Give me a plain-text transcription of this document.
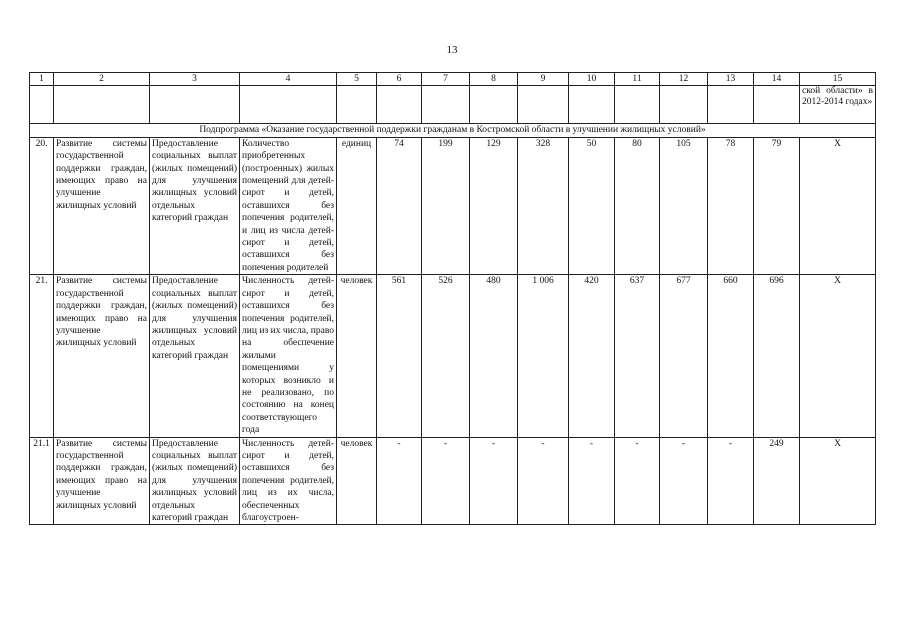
13
1	2	3	4	5	6	7	8	9	10	11	12	13	14	15
														ской области» в 2012-2014 годах»
Подпрограмма «Оказание государственной поддержки гражданам в Костромской области в улучшении жилищных условий»														
20.	Развитие системы государственной поддержки граждан, имеющих право на улучшение жилищных условий	Предоставление социальных выплат (жилых помещений) для улучшения жилищных условий отдельных категорий граждан	Количество приобретенных (построенных) жилых помещений для детей-сирот и детей, оставшихся без попечения родителей, и лиц из числа детей-сирот и детей, оставшихся без попечения родителей	единиц	74	199	129	328	50	80	105	78	79	X
21.	Развитие системы государственной поддержки граждан, имеющих право на улучшение жилищных условий	Предоставление социальных выплат (жилых помещений) для улучшения жилищных условий отдельных категорий граждан	Численность детей-сирот и детей, оставшихся без попечения родителей, лиц из их числа, право на обеспечение жилыми помещениями у которых возникло и не реализовано, по состоянию на конец соответствующего года	человек	561	526	480	1 006	420	637	677	660	696	X
21.1	Развитие системы государственной поддержки граждан, имеющих право на улучшение жилищных условий	Предоставление социальных выплат (жилых помещений) для улучшения жилищных условий отдельных категорий граждан	Численность детей-сирот и детей, оставшихся без попечения родителей, лиц из их числа, обеспеченных благоустроен-	человек	-	-	-	-	-	-	-	-	249	X
